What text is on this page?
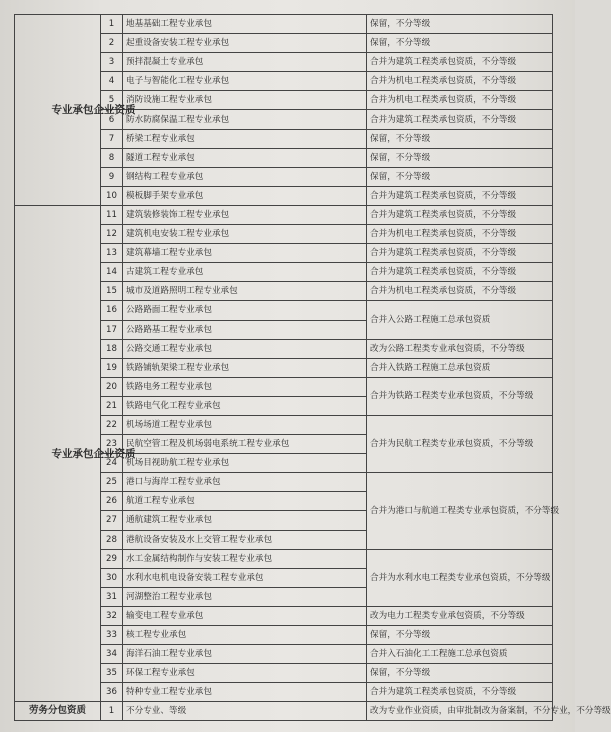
专业承包企业资质	1	地基基础工程专业承包	保留，不分等级
	2	起重设备安装工程专业承包	保留，不分等级
	3	预拌混凝土专业承包	合并为建筑工程类承包资质，不分等级
	4	电子与智能化工程专业承包	合并为机电工程类承包资质，不分等级
	5	消防设施工程专业承包	合并为机电工程类承包资质，不分等级
	6	防水防腐保温工程专业承包	合并为建筑工程类承包资质，不分等级
	7	桥梁工程专业承包	保留，不分等级
	8	隧道工程专业承包	保留，不分等级
	9	钢结构工程专业承包	保留，不分等级
	10	模板脚手架专业承包	合并为建筑工程类承包资质，不分等级
专业承包企业资质	11	建筑装修装饰工程专业承包	合并为建筑工程类承包资质，不分等级
	12	建筑机电安装工程专业承包	合并为机电工程类承包资质，不分等级
	13	建筑幕墙工程专业承包	合并为建筑工程类承包资质，不分等级
	14	古建筑工程专业承包	合并为建筑工程类承包资质，不分等级
	15	城市及道路照明工程专业承包	合并为机电工程类承包资质，不分等级
	16	公路路面工程专业承包	合并入公路工程施工总承包资质
	17	公路路基工程专业承包	
	18	公路交通工程专业承包	改为公路工程类专业承包资质，不分等级
	19	铁路铺轨架梁工程专业承包	合并入铁路工程施工总承包资质
	20	铁路电务工程专业承包	合并为铁路工程类专业承包资质，不分等级
	21	铁路电气化工程专业承包	
	22	机场场道工程专业承包	合并为民航工程类专业承包资质，不分等级
	23	民航空管工程及机场弱电系统工程专业承包	
	24	机场目视助航工程专业承包	
	25	港口与海岸工程专业承包	合并为港口与航道工程类专业承包资质，不分等级
	26	航道工程专业承包	
	27	通航建筑工程专业承包	
	28	港航设备安装及水上交管工程专业承包	
	29	水工金属结构制作与安装工程专业承包	合并为水利水电工程类专业承包资质，不分等级
	30	水利水电机电设备安装工程专业承包	
	31	河湖整治工程专业承包	
	32	输变电工程专业承包	改为电力工程类专业承包资质，不分等级
	33	核工程专业承包	保留，不分等级
	34	海洋石油工程专业承包	合并入石油化工工程施工总承包资质
	35	环保工程专业承包	保留，不分等级
	36	特种专业工程专业承包	合并为建筑工程类承包资质，不分等级
劳务分包资质	1	不分专业、等级	改为专业作业资质，由审批制改为备案制，不分专业，不分等级
